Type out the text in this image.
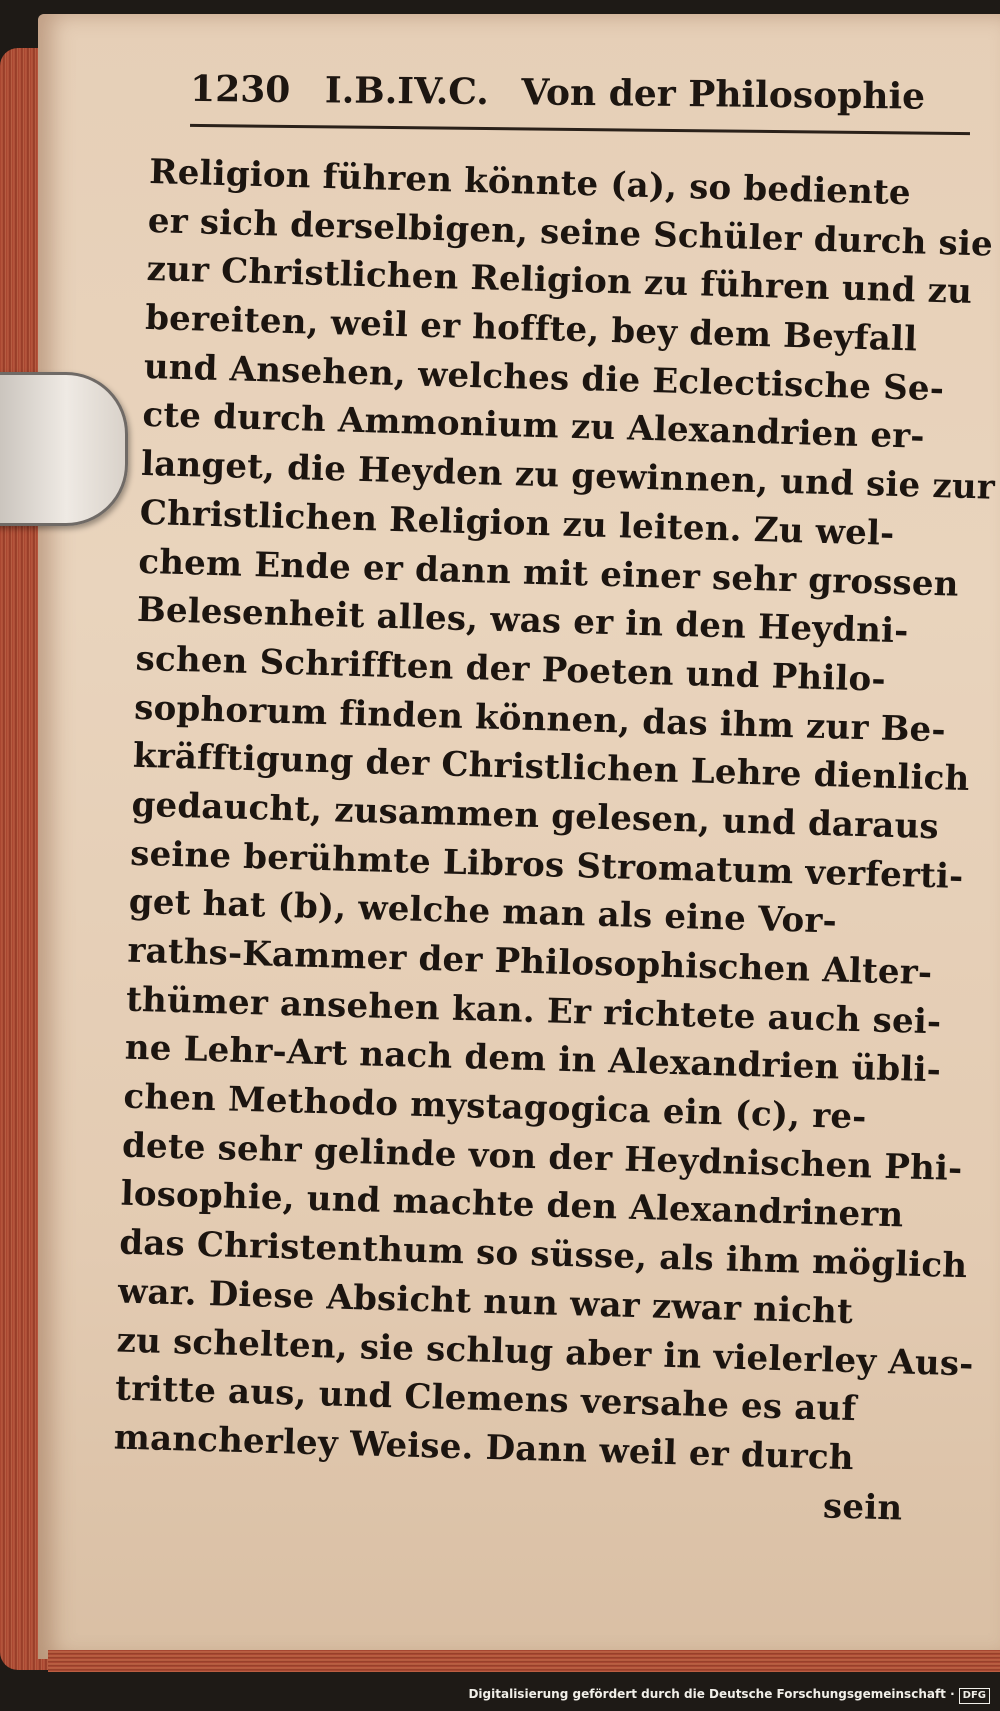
1230 I.B.IV.C. Von der Philosophie
Religion führen könnte (a), so bediente
er sich derselbigen, seine Schüler durch sie
zur Christlichen Religion zu führen und zu
bereiten, weil er hoffte, bey dem Beyfall
und Ansehen, welches die Eclectische Se-
cte durch Ammonium zu Alexandrien er-
langet, die Heyden zu gewinnen, und sie zur
Christlichen Religion zu leiten. Zu wel-
chem Ende er dann mit einer sehr grossen
Belesenheit alles, was er in den Heydni-
schen Schrifften der Poeten und Philo-
sophorum finden können, das ihm zur Be-
kräfftigung der Christlichen Lehre dienlich
gedaucht, zusammen gelesen, und daraus
seine berühmte Libros Stromatum verferti-
get hat (b), welche man als eine Vor-
raths-Kammer der Philosophischen Alter-
thümer ansehen kan. Er richtete auch sei-
ne Lehr-Art nach dem in Alexandrien übli-
chen Methodo mystagogica ein (c), re-
dete sehr gelinde von der Heydnischen Phi-
losophie, und machte den Alexandrinern
das Christenthum so süsse, als ihm möglich
war. Diese Absicht nun war zwar nicht
zu schelten, sie schlug aber in vielerley Aus-
tritte aus, und Clemens versahe es auf
mancherley Weise. Dann weil er durch
sein
Digitalisierung gefördert durch die Deutsche Forschungsgemeinschaft · DFG
